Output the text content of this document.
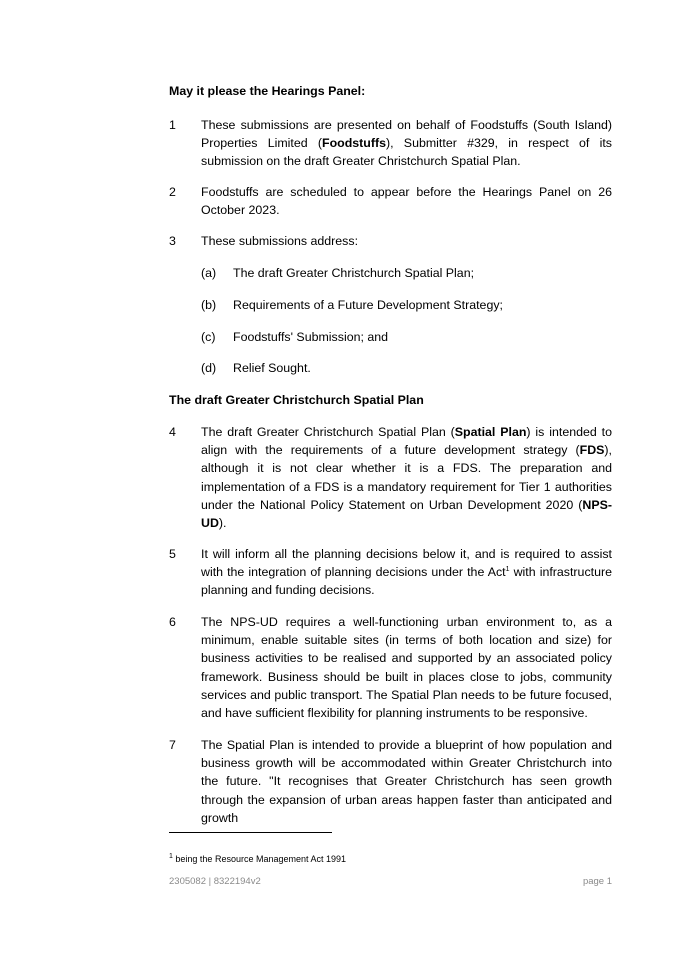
May it please the Hearings Panel:
1	These submissions are presented on behalf of Foodstuffs (South Island) Properties Limited (Foodstuffs), Submitter #329, in respect of its submission on the draft Greater Christchurch Spatial Plan.
2	Foodstuffs are scheduled to appear before the Hearings Panel on 26 October 2023.
3	These submissions address:
(a) The draft Greater Christchurch Spatial Plan;
(b) Requirements of a Future Development Strategy;
(c) Foodstuffs' Submission; and
(d) Relief Sought.
The draft Greater Christchurch Spatial Plan
4	The draft Greater Christchurch Spatial Plan (Spatial Plan) is intended to align with the requirements of a future development strategy (FDS), although it is not clear whether it is a FDS. The preparation and implementation of a FDS is a mandatory requirement for Tier 1 authorities under the National Policy Statement on Urban Development 2020 (NPS-UD).
5	It will inform all the planning decisions below it, and is required to assist with the integration of planning decisions under the Act$^1$ with infrastructure planning and funding decisions.
6	The NPS-UD requires a well-functioning urban environment to, as a minimum, enable suitable sites (in terms of both location and size) for business activities to be realised and supported by an associated policy framework. Business should be built in places close to jobs, community services and public transport. The Spatial Plan needs to be future focused, and have sufficient flexibility for planning instruments to be responsive.
7	The Spatial Plan is intended to provide a blueprint of how population and business growth will be accommodated within Greater Christchurch into the future. "It recognises that Greater Christchurch has seen growth through the expansion of urban areas happen faster than anticipated and growth
$^1$ being the Resource Management Act 1991
2305082 | 8322194v2	page 1
